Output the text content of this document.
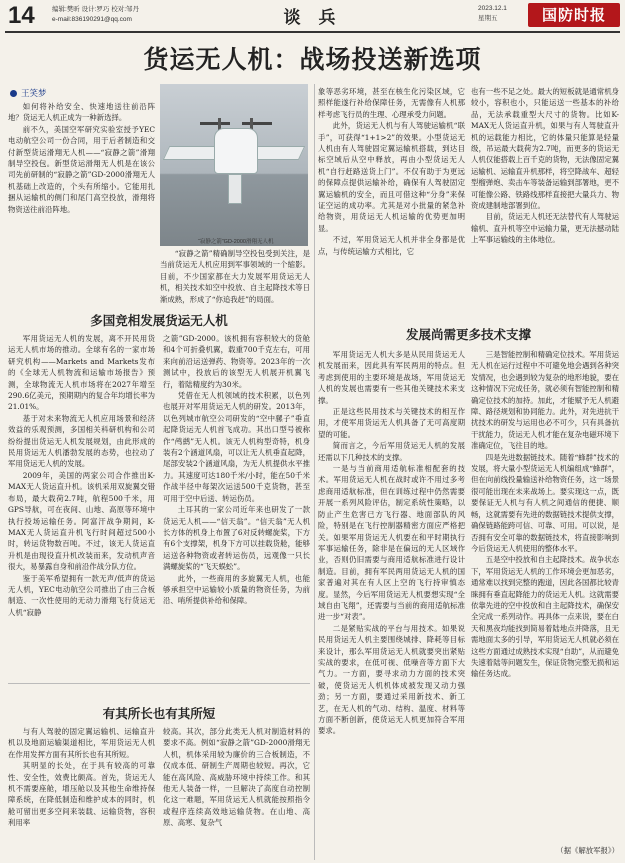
14	编辑:樊昕 设计:罗巧 校对:邹丹
e-mail:836190291@qq.com	谈 兵	2023.12.1
星期五	国防时报
货运无人机：战场投送新选项
王笑梦

如何将补给安全、快速地送往前沿阵地？货运无人机正成为一种新选择。

前不久，美国空军研究实验室授予YEC电动航空公司一份合同，用于后者制造和交付新型货运滑翔无人机——“寂静之箭”滑翔制导空投包。新型货运滑翔无人机是在该公司先前研制的“寂静之箭”GD-2000滑翔无人机基础上改造的，个头有所缩小。它能用扎捆从运输机的侧门和尾门高空投放，滑翔将物资送往前沿阵地。

“寂静之箭”GD-2000滑翔无人机

“寂静之箭”精确制导空投包受到关注，是当前货运无人机应用到军事领域的一个缩影。目前，不少国家都在大力发展军用货运无人机，相关技术如空中投放、自主起降技术等日渐成熟，形成了“你追我赶”的局面。

多国竞相发展货运无人机

军用货运无人机的发展，离不开民用货运无人机市场的推动。全球有名的一家市场研究机构——Markets and Markets发布的《全球无人机物流和运输市场报告》预测，全球物流无人机市场将在2027年增至290.6亿美元，预期期内的复合年均增长率为21.01%。

基于对未来物流无人机应用场景和经济效益的乐观预测，多国相关科研机构和公司纷纷提出货运无人机发展规划，由此形成的民用货运无人机潘勃发展的态势，也拉动了军用货运无人机的发展。

2009年，美国的两家公司合作推出K-MAX无人货运直升机。该机采用双旋翼交错布局，最大载荷2.7吨，航程500千米，用GPS导航，可在夜间、山地、高原等环境中执行投场运输任务。阿富汗战争期间，K-MAX无人货运直升机飞行时间超过500小时，转运货物数百吨。不过，该无人货运直升机是由现役直升机改装而来，发动机声音很大，易暴露自身和前沿作战分队方位。

鉴于美军希望拥有一款无声/低声的货运无人机，YEC电动航空公司推出了由三合板制造、一次性使用的无动力滑翔飞行货运无人机“寂静

之箭”GD-2000。该机拥有容积较大的货舱和4个可折叠机翼，载重700千克左右，可用来向前沿运送弹药、物资等。2023年的一次测试中，投放后的该型无人机展开机翼飞行，着陆精度约为30米。

凭借在无人机领域的技术积累，以色列也展开对军用货运无人机的研发。2013年，以色列城市航空公司研发的“空中骡子”垂直起降货运无人机首飞成功。其出口型号被称作“鸬鹚”无人机。该无人机构型奇特，机身装有2个涵道风扇，可以让无人机垂直起降，尾部安装2个涵道风扇，为无人机提供水平推力。其速度可达180千米/小时，能在50千米作战半径中每架次运送500千克货物，甚至可用于空中后送、转运伤员。

土耳其的一家公司近年来也研发了一款货运无人机——“信天翁”。“信天翁”无人机长方体的机身上布置了6对反转螺旋桨，下方有6个支撑架，机身下方可以挂载货舱，能够运送各种物资或者转运伤员，远观像一只长满螺旋桨的“飞天蜈蚣”。

此外，一些商用的多旋翼无人机，也能够承担空中运输较小质量的物资任务，为前沿、哨所提供补给和保障。

有其所长也有其所短

与有人驾驶的固定翼运输机、运输直升机以及地面运输渠道相比，军用货运无人机在作用发挥方面有其所长也有其所短。

其明显的长处，在于具有较高的可靠性、安全性，效费比颇高。首先，货运无人机不需要座舱，增压舱以及其他生命维持保障系统，在降低制造和维护成本的同时，机舱可留出更多空间来装载、运输货物，容积利用率

较高。其次，部分此类无人机对制造材料的要求不高。例如“寂静之箭”GD-2000滑翔无人机，机体采用较为廉价的三合板制造，不仅成本低、研制生产周期也较短。再次，它能在高风险、高威胁环境中持续工作。和其他无人装备一样，一旦解决了高度自动控制化这一难题，军用货运无人机就能按照指令或程序连续高效地运输货物。在山地、高原、高寒、复杂气

象等恶劣环境，甚至在核生化污染区域，它照样能遂行补给保障任务，无需像有人机那样考虑飞行员的生理、心理承受力问题。

此外，货运无人机与有人驾驶运输机“联手”，可获得“1+1>2”的效果。小型货运无人机由有人驾驶固定翼运输机搭载，到达目标空域后从空中释放，再由小型货运无人机“自行赶路送货上门”。不仅有助于为更远的保障点提供运输补给，确保有人驾驶固定翼运输机的安全，而且可借这种“分身”来保证空运的成功率。尤其是对小批量的紧急补给物资，用货运无人机运输的优势更加明显。

不过，军用货运无人机并非全身都是优点，与传统运输方式相比，它

也有一些不足之处。最大的短板就是通常机身较小，容积也小，只能运送一些基本的补给品，无法承载重型大尺寸的货物。比如K-MAX无人货运直升机，如果与有人驾驶直升机的运载能力相比，它的体量只能算是轻量级，吊运最大载荷为2.7吨，而更多的货运无人机仅能搭载上百千克的货物，无法像固定翼运输机、运输直升机那样，将空降战车、超轻型榴弹炮、卖击车等装备运输到部署地，更不可能像公路、铁路线那样直接把大量兵力、物资成建制地部署到位。

目前，货运无人机还无法替代有人驾驶运输机、直升机等空中运输力量，更无法撼动陆上军事运输线的主体地位。

发展尚需更多技术支撑

军用货运无人机大多是从民用货运无人机发展而来，因此具有军民两用的特点。但考虑到使用的主要环境是战场，军用货运无人机的发展也需要有一些其他关键技术来支撑。

正是这些民用技术与关键技术的相互作用，才使军用货运无人机具备了无可高度期望的可能。

简而言之，今后军用货运无人机的发展还需以下几种技术的支撑。

一是与当前商用适航标准相配套的技术。军用货运无人机在战时或许不用过多考虑商用适航标准，但在训练过程中仍然需要开展一系列风险评估，制定系统性策略，以防止产生危害已方飞行器、地面部队的风险，特别是在飞行控制器精密方面应严格把关。如果军用货运无人机要在和平时期执行军事运输任务，除非是在偏远的无人区域作业，否则仍旧需要与商用适航标准进行设计制造。目前，拥有军民两用货运无人机的国家普遍对其在有人区上空的飞行持审慎态度。显然，今后军用货运无人机要想实现“全域自由飞翔”，还需要与当前的商用适航标准进一步“对表”。

二是紧贴实战的平台与用技术。如果说民用货运无人机主要围绕城排、降耗等目标来设计，那么军用货运无人机就要突出紧贴实战的要求，在低可视、低噪音等方面下大气力。一方面，要寻求动力方面的技术突破，使货运无人机机体成被发现又动力强劲；另一方面，要通过采用新技术、新工艺，在无人机的气动、结构、温度、材料等方面不断创新，使货运无人机更加符合军用要求。

三是智能控制和精确定位技术。军用货运无人机在运行过程中不可避免地会遇到各种突发情况，也会遇到较为复杂的地形地貌，要在这种情况下完成任务，就必须有智能控制和精确定位技术的加持。加此，才能赋予无人机避障、路径规划和协同能力。此外，对先进抗干扰技术的研发与运用也必不可少，只有具备抗干扰能力，货运无人机才能在复杂电磁环境下准确定位，飞往目的地。

四是先进数据链技术。随着“蜂群”技术的发展，将大量小型货运无人机编组成“蜂群”，但在向前线投量输送补给物资任务，这一场景很可能出现在未来战场上。要实现这一点，既要保证无人机与有人机之间通信的便捷、顺畅，这就需要有先进的数据链技术提供支撑，确保链路能跨可信、可靠、可用。可以说，是否拥有安全可靠的数据链技术，将直接影响到今后货运无人机使用的整体水平。

五是空中投放和自主起降技术。战争状态下，军用货运无人机的工作环境会更加恶劣，通常难以找到完整的跑道，因此各国都比较青睐拥有垂直起降能力的货运无人机。这就需要依靠先进的空中投放和自主起降技术，确保安全完成一系列动作。再具体一点来说，要在白天和黑夜均能找到简易着陆地点并降落，且无需地面太多的引导，军用货运无人机就必须在这些方面通过成熟技术实现“自助”，从而避免失速着陆等问题发生，保证货物完整无损和运输任务达成。

（据《解放军报》）
